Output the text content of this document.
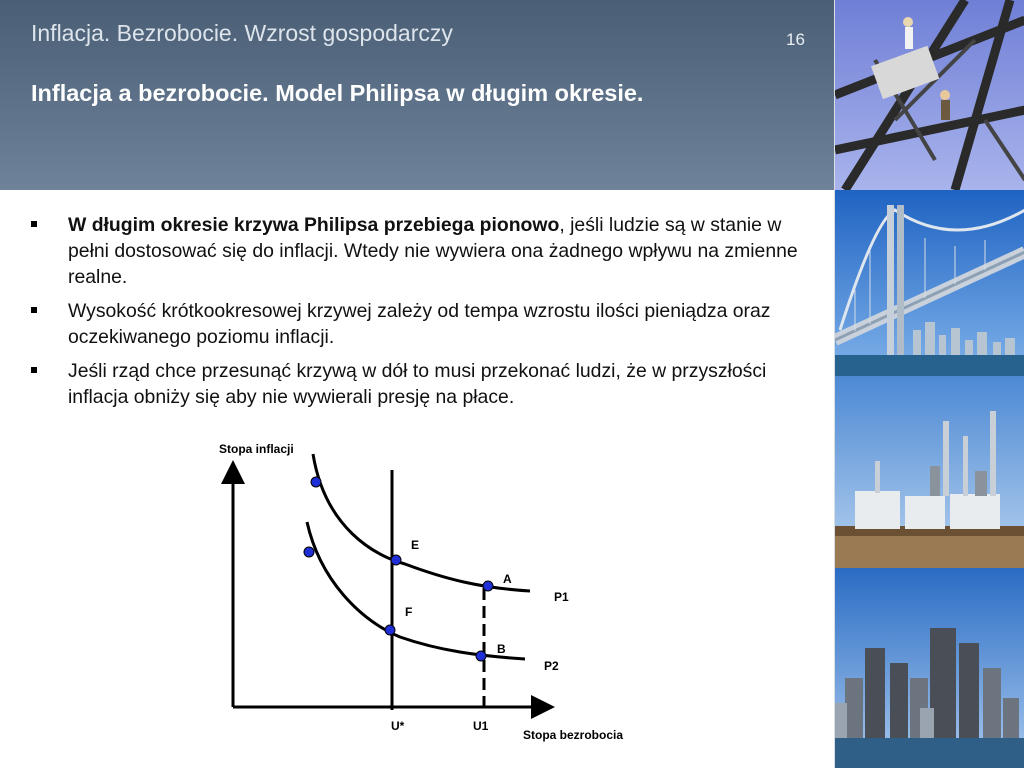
Inflacja. Bezrobocie. Wzrost gospodarczy	16
Inflacja a bezrobocie. Model Philipsa w długim okresie.
W długim okresie krzywa Philipsa przebiega pionowo, jeśli ludzie są w stanie w pełni dostosować się do inflacji. Wtedy nie wywiera ona żadnego wpływu na zmienne realne.
Wysokość krótkookresowej krzywej zależy od tempa wzrostu ilości pieniądza oraz oczekiwanego poziomu inflacji.
Jeśli rząd chce przesunąć krzywą w dół to musi przekonać ludzi, że w przyszłości inflacja obniży się aby nie wywierali presję na płace.
Stopa inflacji
Stopa bezrobocia
E
A
F
B
P1
P2
U*	U1
